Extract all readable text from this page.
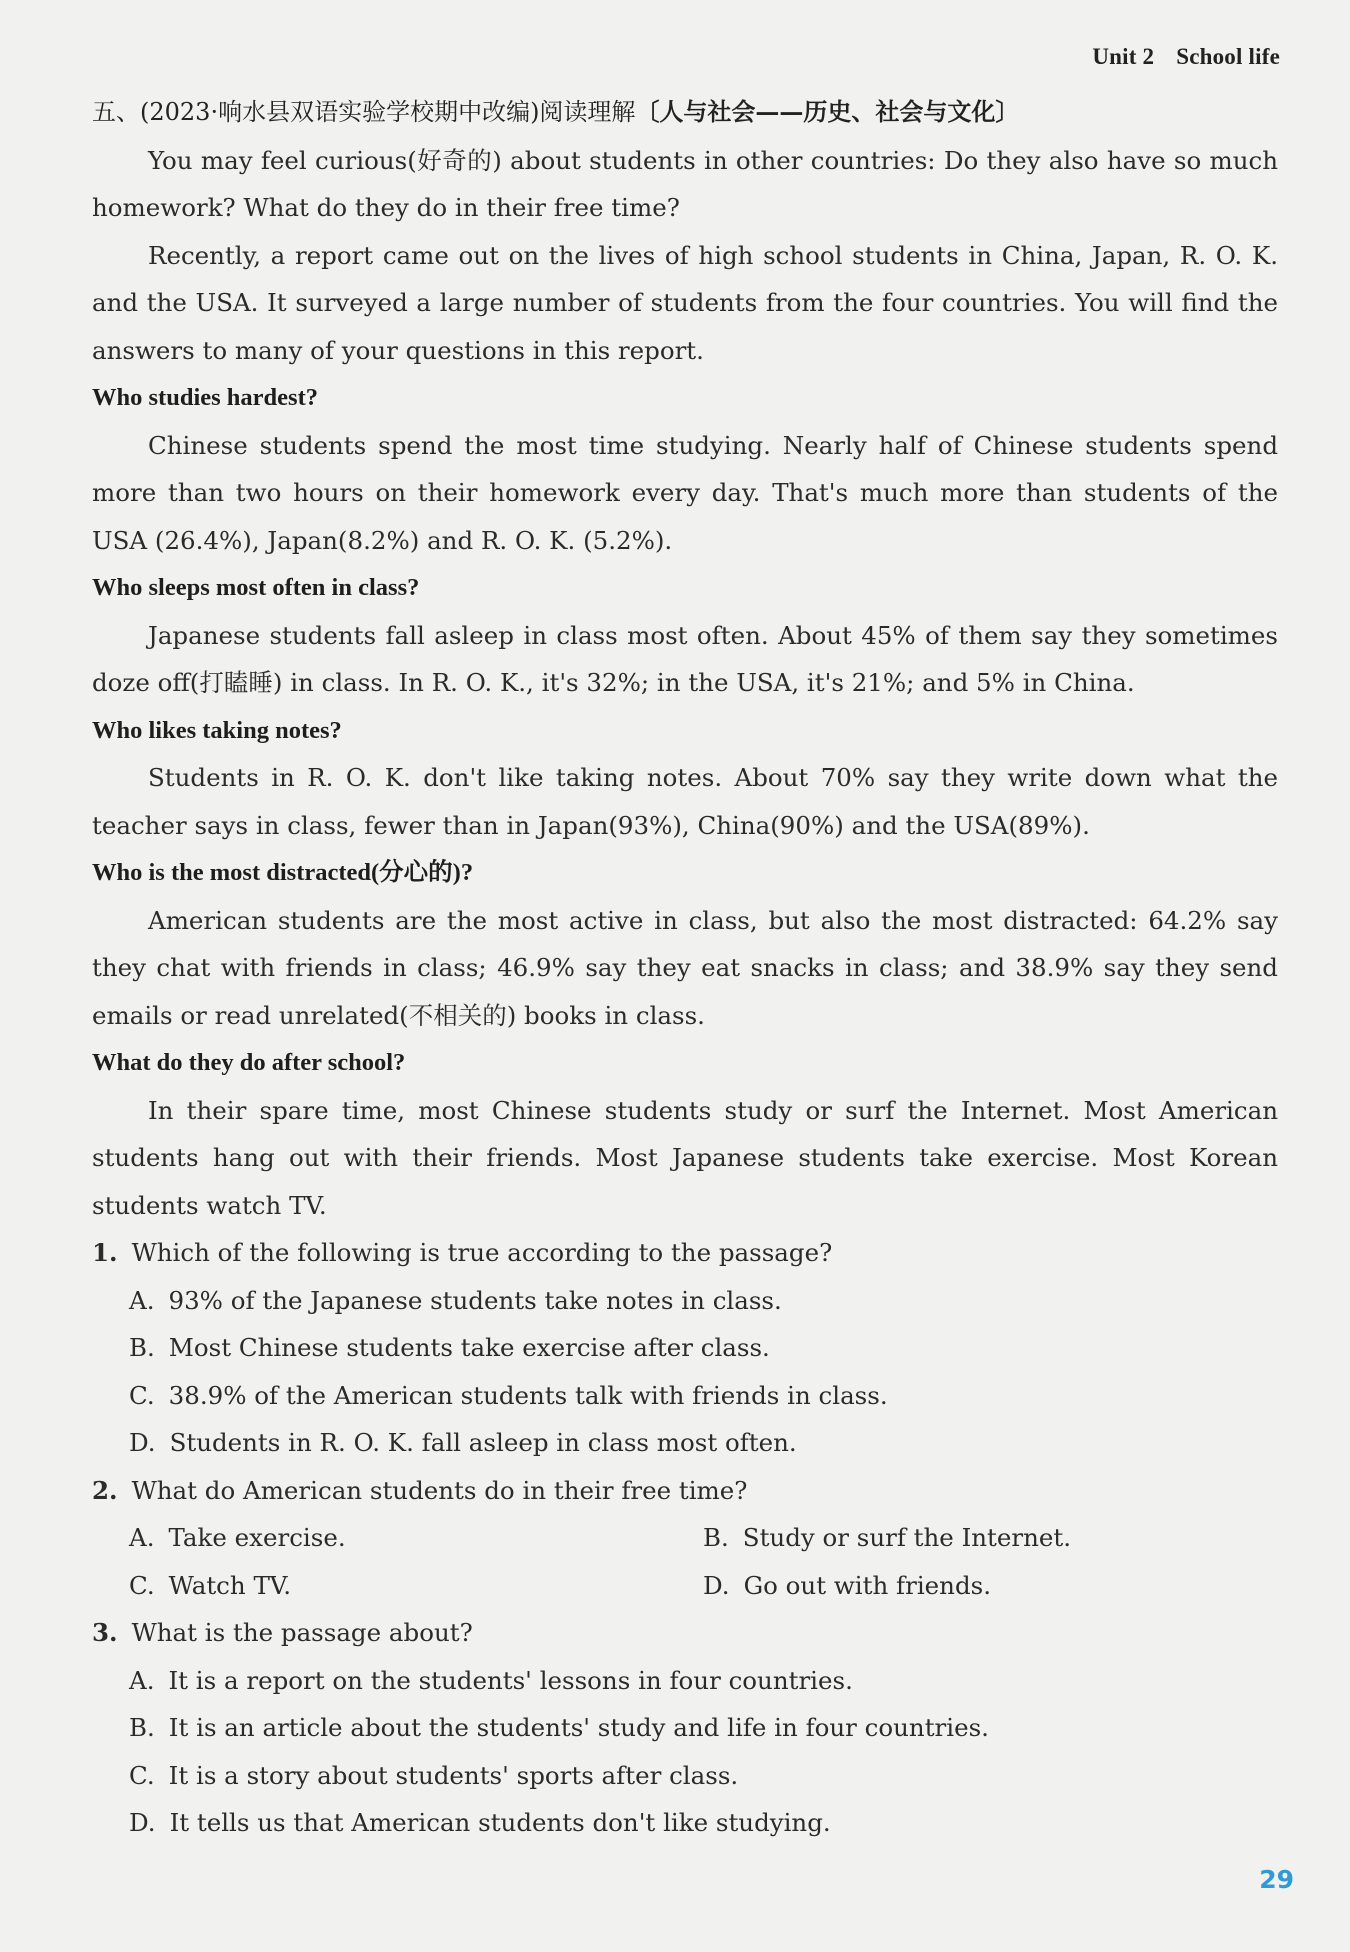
Unit 2 School life
五、(2023·响水县双语实验学校期中改编)阅读理解〔人与社会——历史、社会与文化〕

You may feel curious(好奇的) about students in other countries: Do they also have so much homework? What do they do in their free time?

Recently, a report came out on the lives of high school students in China, Japan, R. O. K. and the USA. It surveyed a large number of students from the four countries. You will find the answers to many of your questions in this report.

Who studies hardest?

Chinese students spend the most time studying. Nearly half of Chinese students spend more than two hours on their homework every day. That's much more than students of the USA (26.4%), Japan(8.2%) and R. O. K. (5.2%).

Who sleeps most often in class?

Japanese students fall asleep in class most often. About 45% of them say they sometimes doze off(打瞌睡) in class. In R. O. K., it's 32%; in the USA, it's 21%; and 5% in China.

Who likes taking notes?

Students in R. O. K. don't like taking notes. About 70% say they write down what the teacher says in class, fewer than in Japan(93%), China(90%) and the USA(89%).

Who is the most distracted(分心的)?

American students are the most active in class, but also the most distracted: 64.2% say they chat with friends in class; 46.9% say they eat snacks in class; and 38.9% say they send emails or read unrelated(不相关的) books in class.

What do they do after school?

In their spare time, most Chinese students study or surf the Internet. Most American students hang out with their friends. Most Japanese students take exercise. Most Korean students watch TV.

1. Which of the following is true according to the passage?
A. 93% of the Japanese students take notes in class.
B. Most Chinese students take exercise after class.
C. 38.9% of the American students talk with friends in class.
D. Students in R. O. K. fall asleep in class most often.
2. What do American students do in their free time?
A. Take exercise.	B. Study or surf the Internet.
C. Watch TV.	D. Go out with friends.
3. What is the passage about?
A. It is a report on the students' lessons in four countries.
B. It is an article about the students' study and life in four countries.
C. It is a story about students' sports after class.
D. It tells us that American students don't like studying.
29
